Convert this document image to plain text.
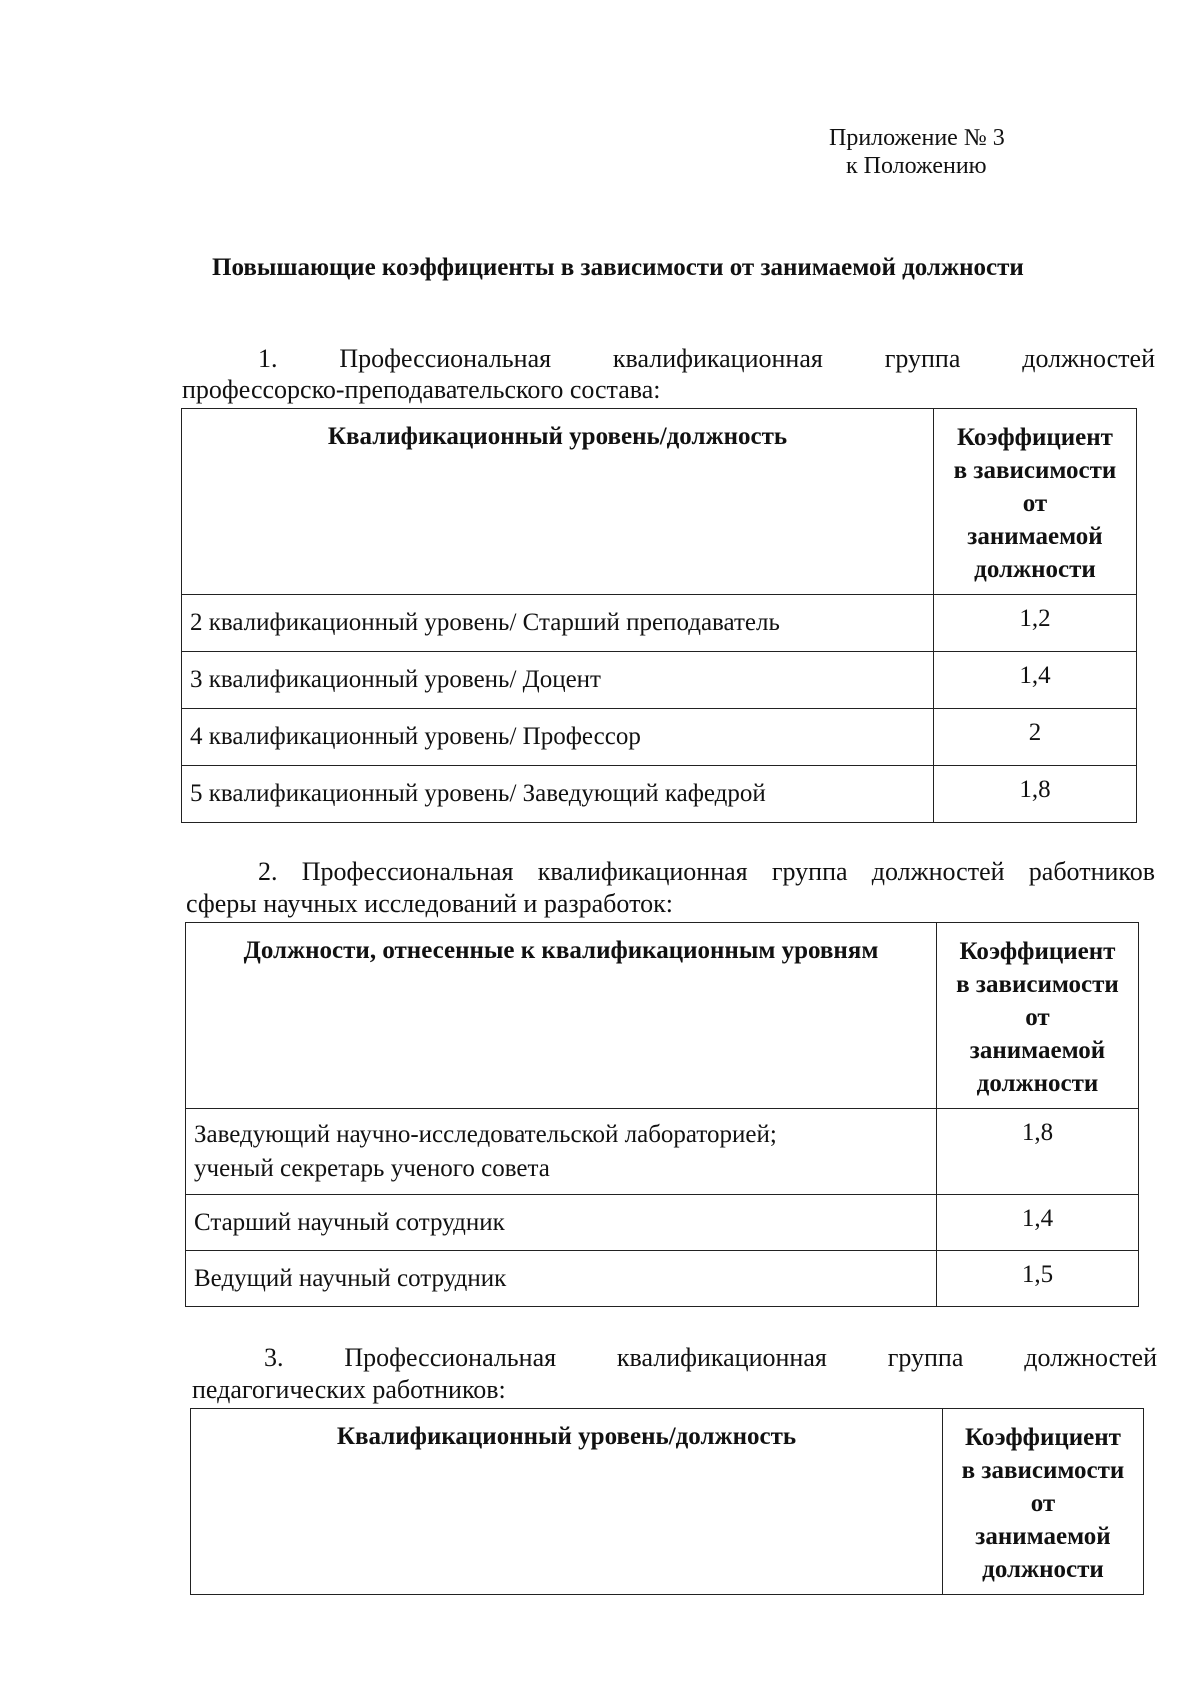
Приложение № 3
к Положению
Повышающие коэффициенты в зависимости от занимаемой должности
1. Профессиональная квалификационная группа должностей
профессорско-преподавательского состава:
Квалификационный уровень/должность	Коэффициент
в зависимости
от
занимаемой
должности

2 квалификационный уровень/ Старший преподаватель	1,2
3 квалификационный уровень/ Доцент	1,4
4 квалификационный уровень/ Профессор	2
5 квалификационный уровень/ Заведующий кафедрой	1,8
2. Профессиональная квалификационная группа должностей работников
сферы научных исследований и разработок:
Должности, отнесенные к квалификационным уровням	Коэффициент
в зависимости
от
занимаемой
должности

Заведующий научно-исследовательской лабораторией;
ученый секретарь ученого совета	1,8
Старший научный сотрудник	1,4
Ведущий научный сотрудник	1,5
3. Профессиональная квалификационная группа должностей
педагогических работников:
Квалификационный уровень/должность	Коэффициент
в зависимости
от
занимаемой
должности
